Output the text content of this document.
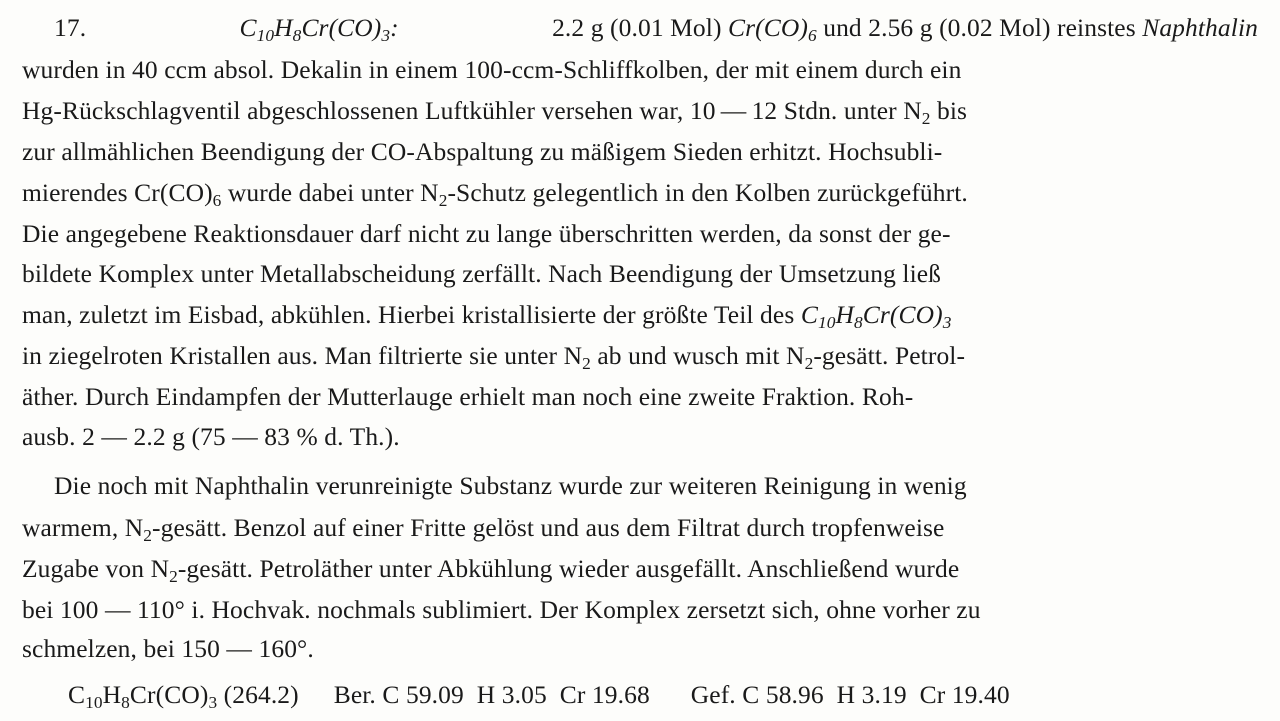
17.	$C_{10}H_8Cr(CO)_3$:	2.2 g (0.01 Mol) $Cr(CO)_6$ und 2.56 g (0.02 Mol) reinstes Naphthalin
wurden in 40 ccm absol. Dekalin in einem 100-ccm-Schliffkolben, der mit einem durch ein
Hg-Rückschlagventil abgeschlossenen Luftkühler versehen war, 10 — 12 Stdn. unter $N_2$ bis
zur allmählichen Beendigung der CO-Abspaltung zu mäßigem Sieden erhitzt. Hochsubli-
mierendes $Cr(CO)_6$ wurde dabei unter $N_2$-Schutz gelegentlich in den Kolben zurückgeführt.
Die angegebene Reaktionsdauer darf nicht zu lange überschritten werden, da sonst der ge-
bildete Komplex unter Metallabscheidung zerfällt. Nach Beendigung der Umsetzung ließ
man, zuletzt im Eisbad, abkühlen. Hierbei kristallisierte der größte Teil des $C_{10}H_8Cr(CO)_3$
in ziegelroten Kristallen aus. Man filtrierte sie unter $N_2$ ab und wusch mit $N_2$-gesätt. Petrol-
äther. Durch Eindampfen der Mutterlauge erhielt man noch eine zweite Fraktion. Roh-
ausb. 2 — 2.2 g (75 — 83 % d. Th.).
Die noch mit Naphthalin verunreinigte Substanz wurde zur weiteren Reinigung in wenig
warmem, $N_2$-gesätt. Benzol auf einer Fritte gelöst und aus dem Filtrat durch tropfenweise
Zugabe von $N_2$-gesätt. Petroläther unter Abkühlung wieder ausgefällt. Anschließend wurde
bei 100 — 110° i. Hochvak. nochmals sublimiert. Der Komplex zersetzt sich, ohne vorher zu
schmelzen, bei 150 — 160°.
$C_{10}H_8Cr(CO)_3$ (264.2) Ber. C 59.09  H 3.05  Cr 19.68 Gef. C 58.96  H 3.19  Cr 19.40
